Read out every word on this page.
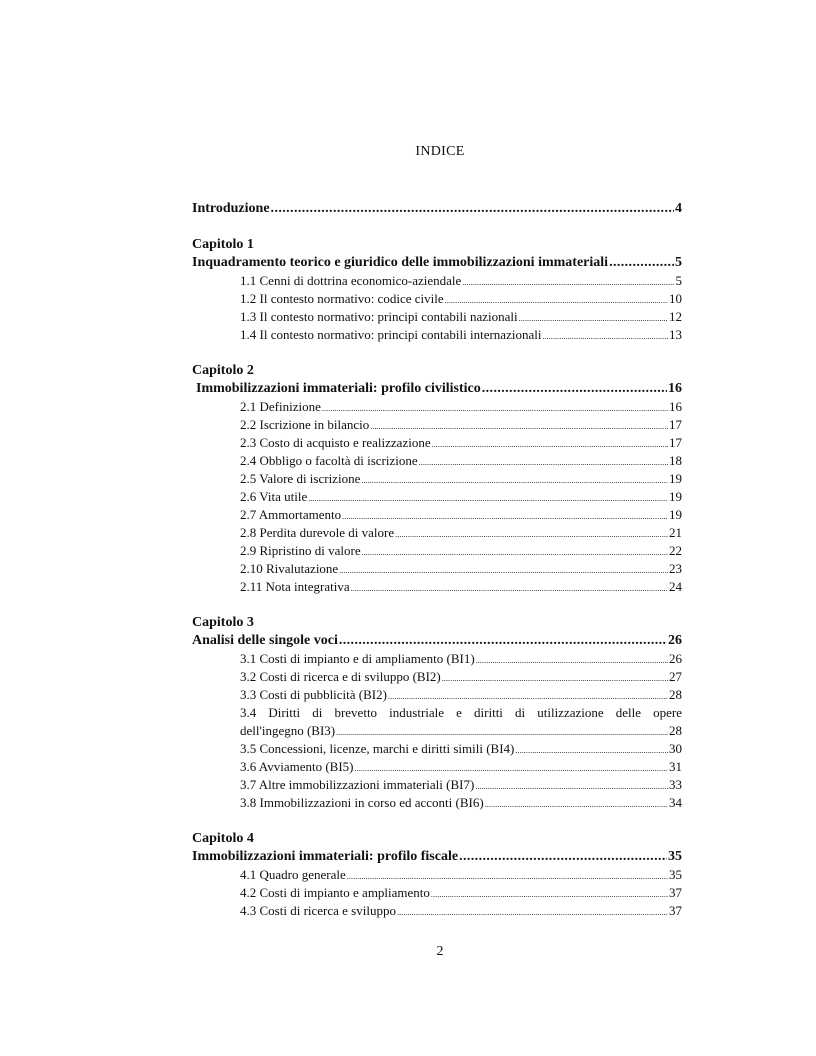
INDICE
Introduzione .....	4
Capitolo 1
Inquadramento teorico e giuridico delle immobilizzazioni immateriali .....	5
1.1 Cenni di dottrina economico-aziendale .....	5
1.2 Il contesto normativo: codice civile .....	10
1.3 Il contesto normativo: principi contabili nazionali .....	12
1.4 Il contesto normativo: principi contabili internazionali .....	13
Capitolo 2
Immobilizzazioni immateriali: profilo civilistico .....	16
2.1 Definizione .....	16
2.2 Iscrizione in bilancio .....	17
2.3 Costo di acquisto e realizzazione .....	17
2.4 Obbligo o facoltà di iscrizione .....	18
2.5 Valore di iscrizione .....	19
2.6 Vita utile .....	19
2.7 Ammortamento .....	19
2.8 Perdita durevole di valore .....	21
2.9 Ripristino di valore .....	22
2.10 Rivalutazione .....	23
2.11 Nota integrativa .....	24
Capitolo 3
Analisi delle singole voci .....	26
3.1 Costi di impianto e di ampliamento (BI1) .....	26
3.2 Costi di ricerca e di sviluppo (BI2) .....	27
3.3 Costi di pubblicità (BI2) .....	28
3.4 Diritti di brevetto industriale e diritti di utilizzazione delle opere
dell'ingegno (BI3) .....	28
3.5 Concessioni, licenze, marchi e diritti simili (BI4) .....	30
3.6 Avviamento (BI5) .....	31
3.7 Altre immobilizzazioni immateriali (BI7) .....	33
3.8 Immobilizzazioni in corso ed acconti (BI6) .....	34
Capitolo 4
Immobilizzazioni immateriali: profilo fiscale .....	35
4.1 Quadro generale .....	35
4.2 Costi di impianto e ampliamento .....	37
4.3 Costi di ricerca e sviluppo .....	37
2
